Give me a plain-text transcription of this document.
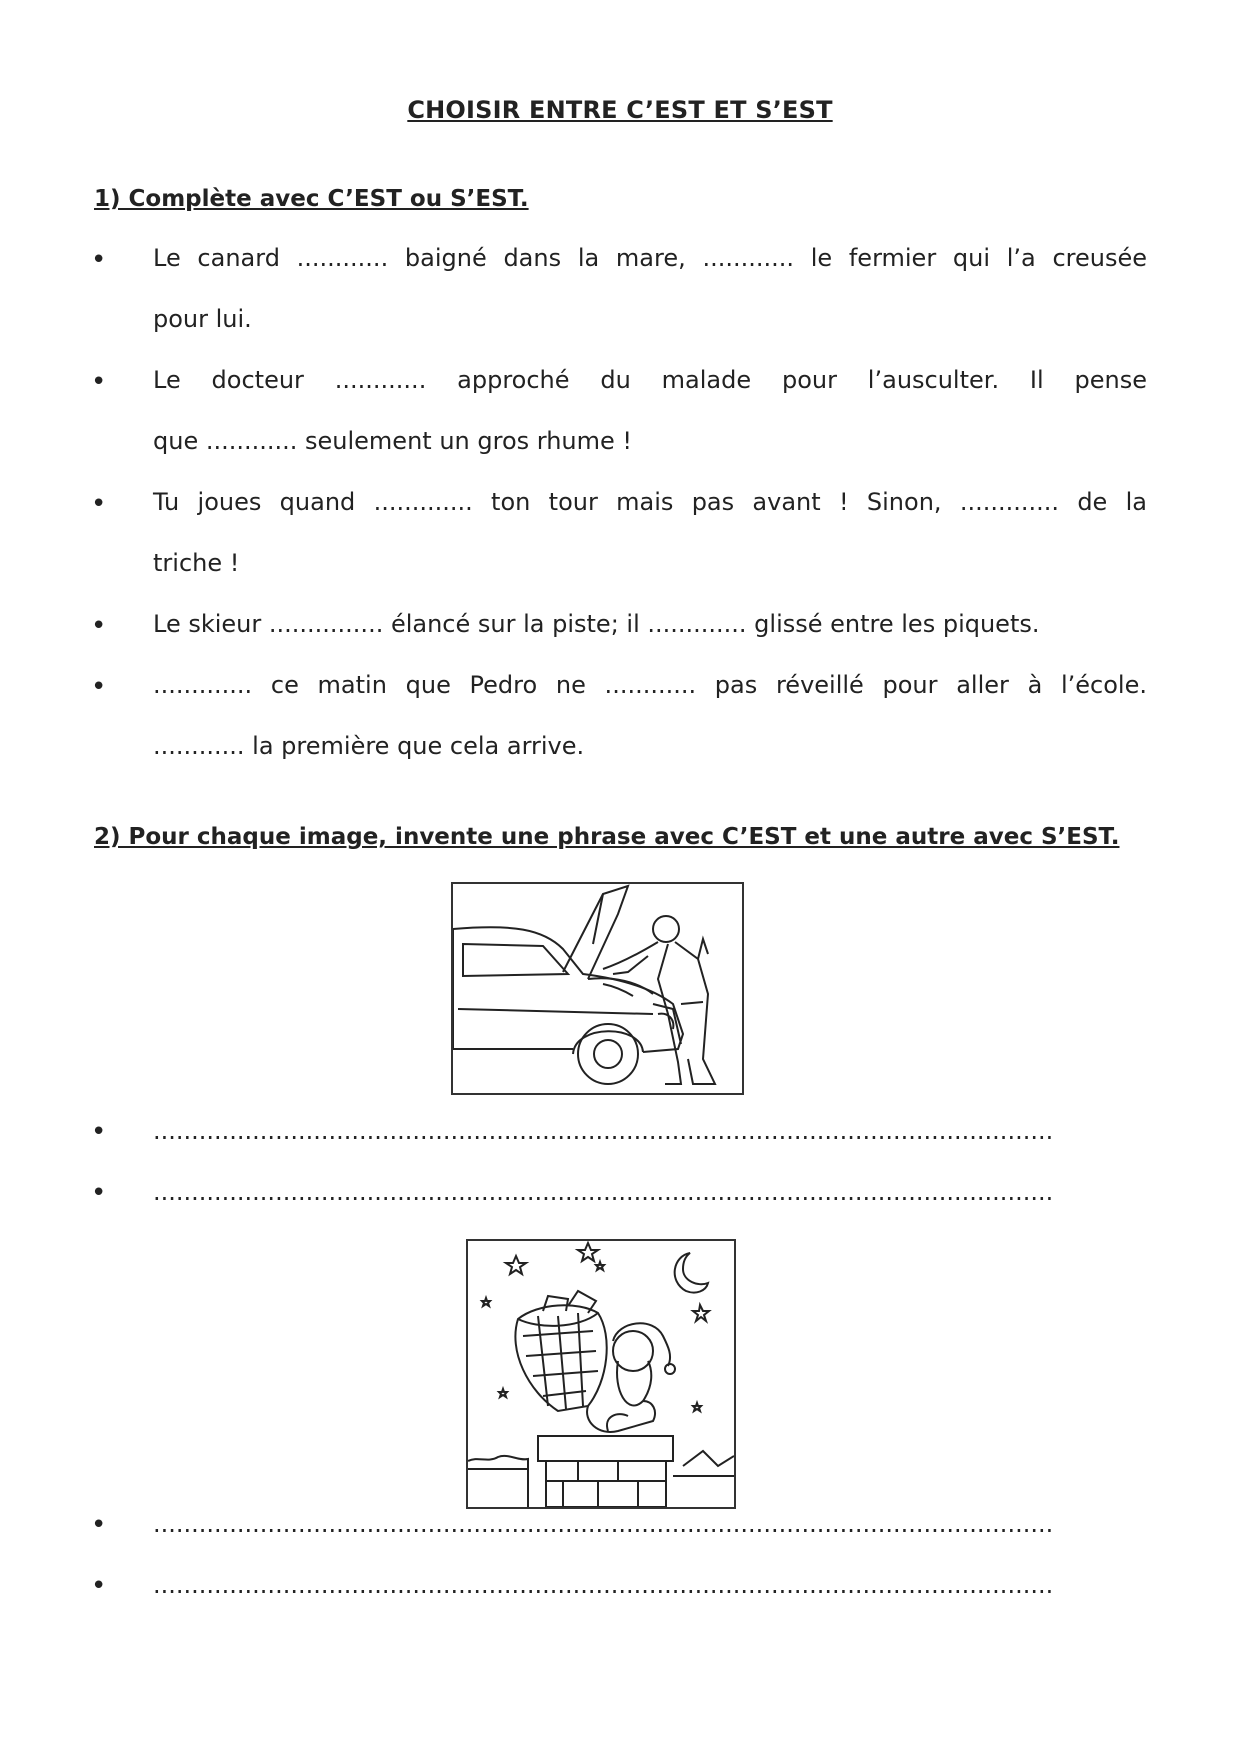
CHOISIR ENTRE C’EST ET S’EST
1) Complète avec C’EST ou S’EST.
•
Le canard ............ baigné dans la mare, ............ le fermier qui l’a creusée
pour lui.
•
Le docteur ............ approché du malade pour l’ausculter. Il pense
que ............ seulement un gros rhume !
•
Tu joues quand ............. ton tour mais pas avant ! Sinon, ............. de la
triche !
•
Le skieur ............... élancé sur la piste; il ............. glissé entre les piquets.
•
............. ce matin que Pedro ne ............ pas réveillé pour aller à l’école.
............ la première que cela arrive.
2) Pour chaque image, invente une phrase avec C’EST et une autre avec S’EST.
•
......................................................................................................................
•
......................................................................................................................
•
......................................................................................................................
•
......................................................................................................................
